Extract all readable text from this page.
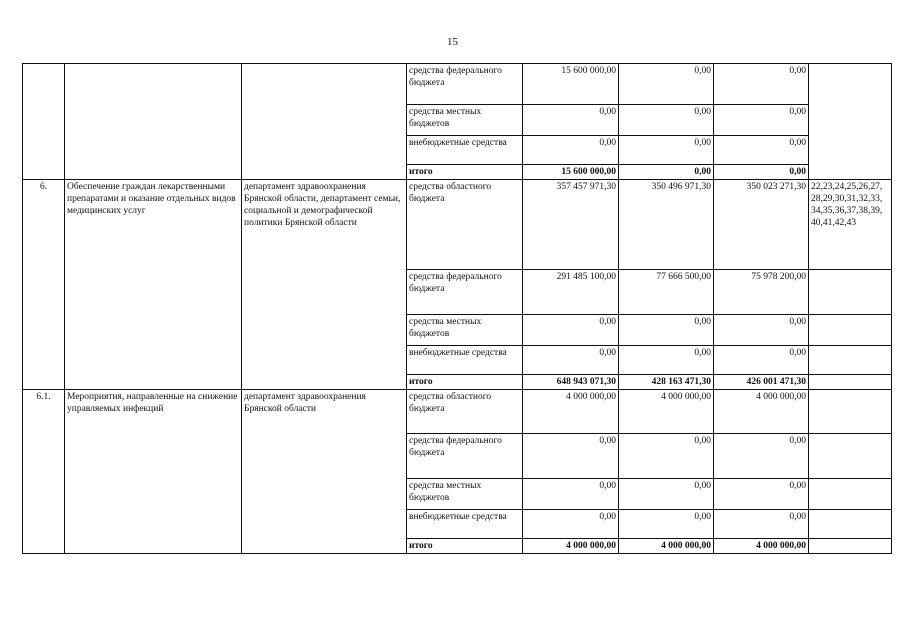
15
			средства федерального бюджета	15 600 000,00	0,00	0,00	
			средства местных бюджетов	0,00	0,00	0,00	
			внебюджетные средства	0,00	0,00	0,00	
			итого	15 600 000,00	0,00	0,00	
6.	Обеспечение граждан лекарственными препаратами и оказание отдельных видов медицинских услуг	департамент здравоохранения Брянской области, департамент семьи, социальной и демографической политики Брянской области	средства областного бюджета	357 457 971,30	350 496 971,30	350 023 271,30	22,23,24,25,26,27, 28,29,30,31,32,33, 34,35,36,37,38,39, 40,41,42,43
			средства федерального бюджета	291 485 100,00	77 666 500,00	75 978 200,00	
			средства местных бюджетов	0,00	0,00	0,00	
			внебюджетные средства	0,00	0,00	0,00	
			итого	648 943 071,30	428 163 471,30	426 001 471,30	
6.1.	Мероприятия, направленные на снижение управляемых инфекций	департамент здравоохранения Брянской области	средства областного бюджета	4 000 000,00	4 000 000,00	4 000 000,00	
			средства федерального бюджета	0,00	0,00	0,00	
			средства местных бюджетов	0,00	0,00	0,00	
			внебюджетные средства	0,00	0,00	0,00	
			итого	4 000 000,00	4 000 000,00	4 000 000,00	
